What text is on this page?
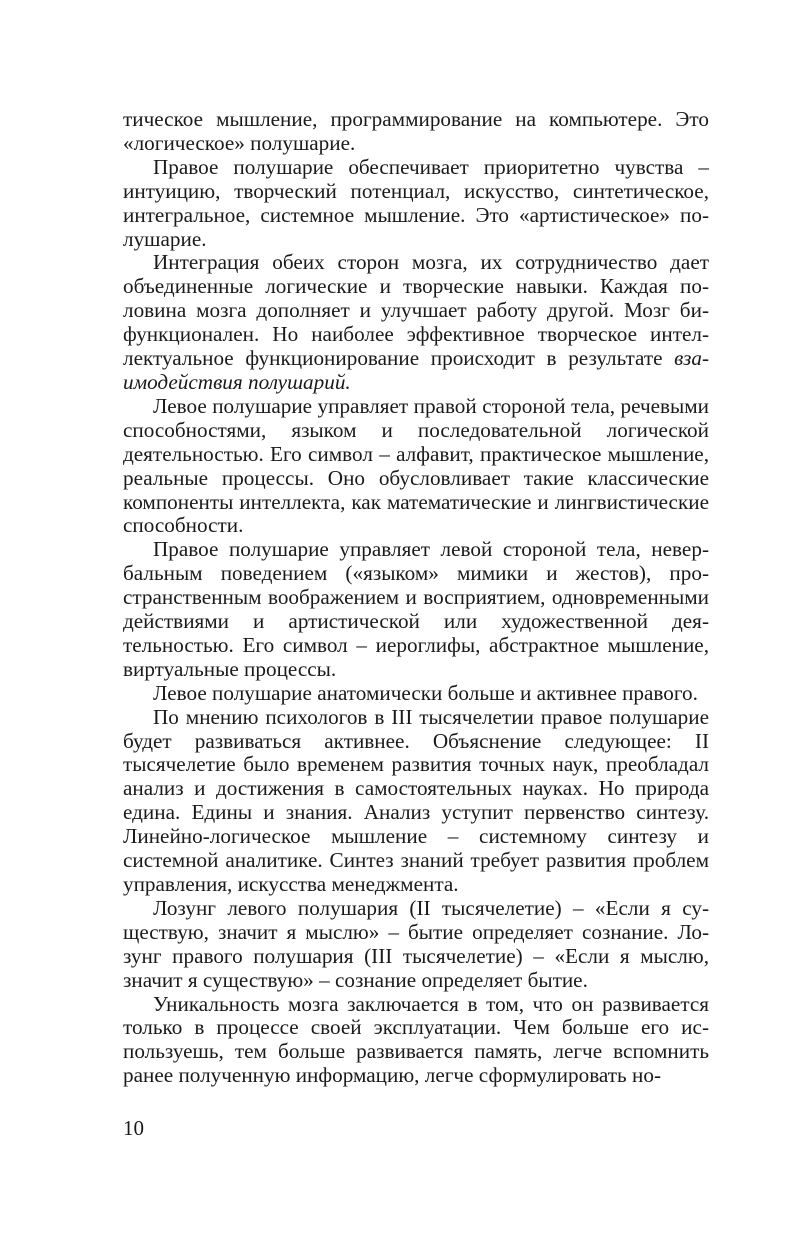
тическое мышление, программирование на компьютере. Это «логическое» полушарие.

Правое полушарие обеспечивает приоритетно чувства – интуицию, творческий потенциал, искусство, синтетическое, интегральное, системное мышление. Это «артистическое» полушарие.

Интеграция обеих сторон мозга, их сотрудничество дает объединенные логические и творческие навыки. Каждая половина мозга дополняет и улучшает работу другой. Мозг бифункционален. Но наиболее эффективное творческое интеллектуальное функционирование происходит в результате взаимодействия полушарий.

Левое полушарие управляет правой стороной тела, речевыми способностями, языком и последовательной логической деятельностью. Его символ – алфавит, практическое мышление, реальные процессы. Оно обусловливает такие классические компоненты интеллекта, как математические и лингвистические способности.

Правое полушарие управляет левой стороной тела, невербальным поведением («языком» мимики и жестов), пространственным воображением и восприятием, одновременными действиями и артистической или художественной деятельностью. Его символ – иероглифы, абстрактное мышление, виртуальные процессы.

Левое полушарие анатомически больше и активнее правого.

По мнению психологов в III тысячелетии правое полушарие будет развиваться активнее. Объяснение следующее: II тысячелетие было временем развития точных наук, преобладал анализ и достижения в самостоятельных науках. Но природа едина. Едины и знания. Анализ уступит первенство синтезу. Линейно-логическое мышление – системному синтезу и системной аналитике. Синтез знаний требует развития проблем управления, искусства менеджмента.

Лозунг левого полушария (II тысячелетие) – «Если я существую, значит я мыслю» – бытие определяет сознание. Лозунг правого полушария (III тысячелетие) – «Если я мыслю, значит я существую» – сознание определяет бытие.

Уникальность мозга заключается в том, что он развивается только в процессе своей эксплуатации. Чем больше его используешь, тем больше развивается память, легче вспомнить ранее полученную информацию, легче сформулировать но-

10
